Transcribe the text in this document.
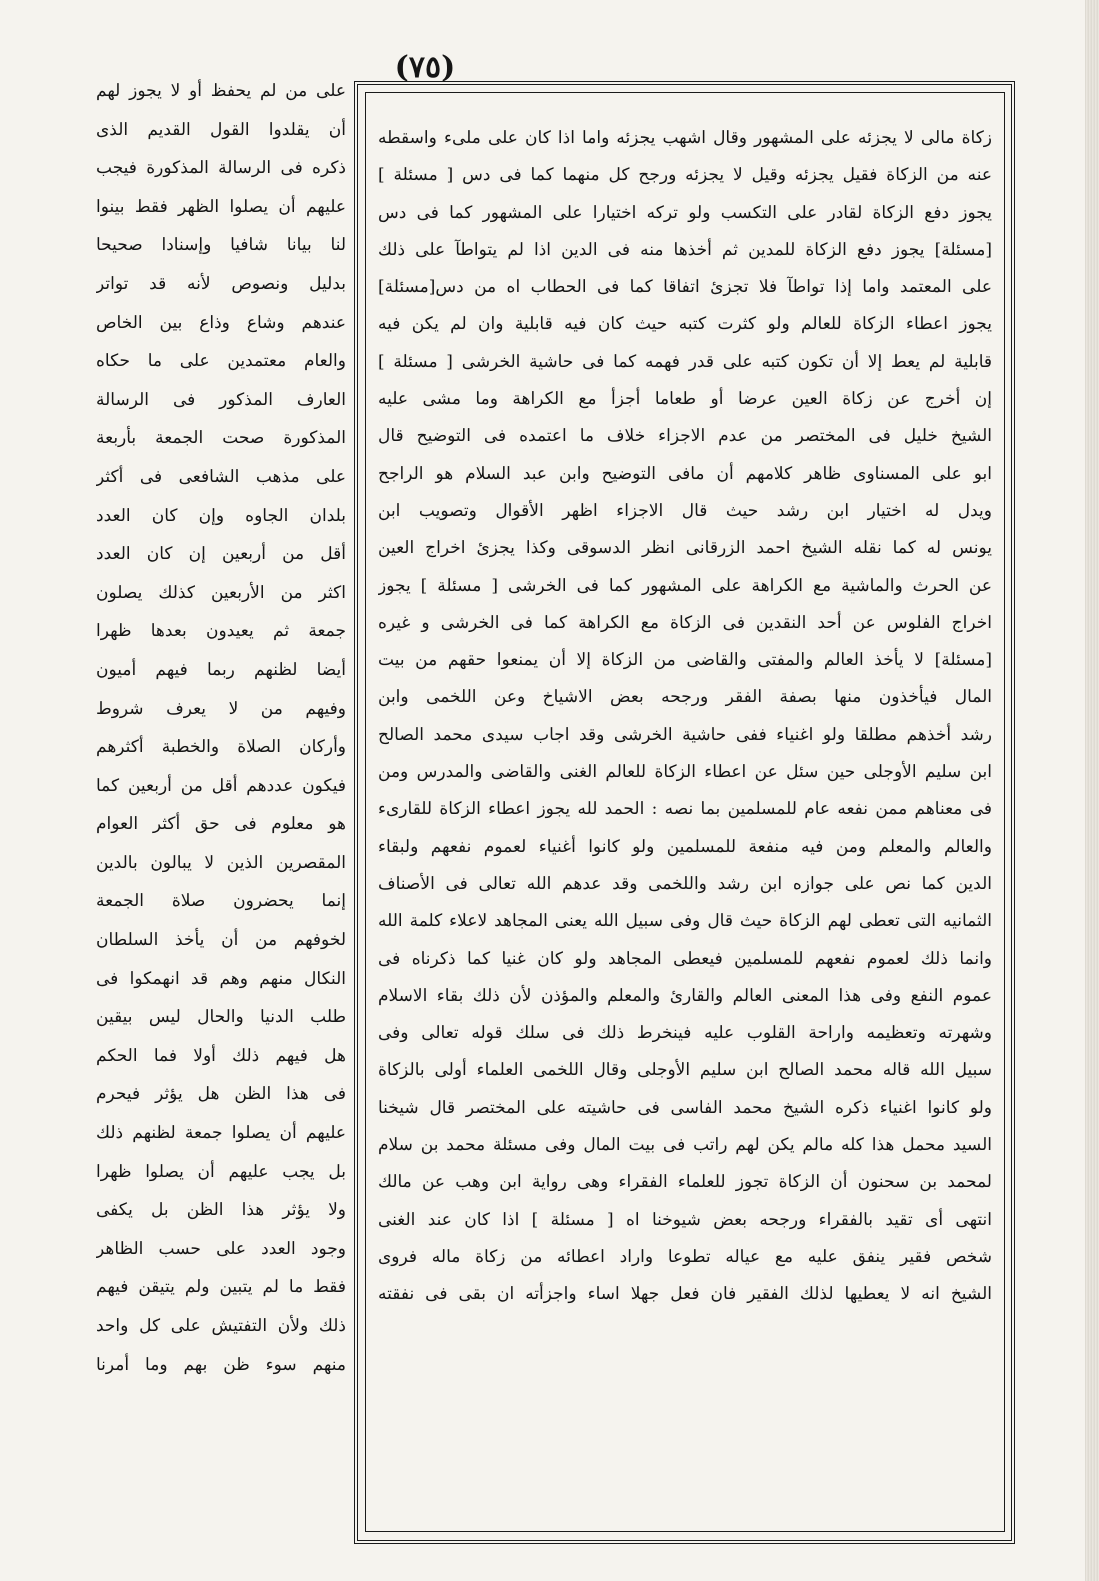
(٧٥)
زكاة مالى لا يجزئه على المشهور وقال اشهب يجزئه واما اذا كان على ملىء واسقطه
عنه من الزكاة فقيل يجزئه وقيل لا يجزئه ورجح كل منهما كما فى دس [ مسئلة ]
يجوز دفع الزكاة لقادر على التكسب ولو تركه اختيارا على المشهور كما فى دس
[مسئلة] يجوز دفع الزكاة للمدين ثم أخذها منه فى الدين اذا لم يتواطآ على ذلك
على المعتمد واما إذا تواطآ فلا تجزئ اتفاقا كما فى الحطاب اه من دس[مسئلة]
يجوز اعطاء الزكاة للعالم ولو كثرت كتبه حيث كان فيه قابلية وان لم يكن فيه
قابلية لم يعط إلا أن تكون كتبه على قدر فهمه كما فى حاشية الخرشى [ مسئلة ]
إن أخرج عن زكاة العين عرضا أو طعاما أجزأ مع الكراهة وما مشى عليه
الشيخ خليل فى المختصر من عدم الاجزاء خلاف ما اعتمده فى التوضيح قال
ابو على المسناوى ظاهر كلامهم أن مافى التوضيح وابن عبد السلام هو الراجح
ويدل له اختيار ابن رشد حيث قال الاجزاء اظهر الأقوال وتصويب ابن
يونس له كما نقله الشيخ احمد الزرقانى انظر الدسوقى وكذا يجزئ اخراج العين
عن الحرث والماشية مع الكراهة على المشهور كما فى الخرشى [ مسئلة ] يجوز
اخراج الفلوس عن أحد النقدين فى الزكاة مع الكراهة كما فى الخرشى و غيره
[مسئلة] لا يأخذ العالم والمفتى والقاضى من الزكاة إلا أن يمنعوا حقهم من بيت
المال فيأخذون منها بصفة الفقر ورجحه بعض الاشياخ وعن اللخمى وابن
رشد أخذهم مطلقا ولو اغنياء ففى حاشية الخرشى وقد اجاب سيدى محمد الصالح
ابن سليم الأوجلى حين سئل عن اعطاء الزكاة للعالم الغنى والقاضى والمدرس ومن
فى معناهم ممن نفعه عام للمسلمين بما نصه : الحمد لله يجوز اعطاء الزكاة للقارىء
والعالم والمعلم ومن فيه منفعة للمسلمين ولو كانوا أغنياء لعموم نفعهم ولبقاء
الدين كما نص على جوازه ابن رشد واللخمى وقد عدهم الله تعالى فى الأصناف
الثمانيه التى تعطى لهم الزكاة حيث قال وفى سبيل الله يعنى المجاهد لاعلاء كلمة الله
وانما ذلك لعموم نفعهم للمسلمين فيعطى المجاهد ولو كان غنيا كما ذكرناه فى
عموم النفع وفى هذا المعنى العالم والقارئ والمعلم والمؤذن لأن ذلك بقاء الاسلام
وشهرته وتعظيمه واراحة القلوب عليه فينخرط ذلك فى سلك قوله تعالى وفى
سبيل الله قاله محمد الصالح ابن سليم الأوجلى وقال اللخمى العلماء أولى بالزكاة
ولو كانوا اغنياء ذكره الشيخ محمد الفاسى فى حاشيته على المختصر قال شيخنا
السيد محمل هذا كله مالم يكن لهم راتب فى بيت المال وفى مسئلة محمد بن سلام
لمحمد بن سحنون أن الزكاة تجوز للعلماء الفقراء وهى رواية ابن وهب عن مالك
انتهى أى تقيد بالفقراء ورجحه بعض شيوخنا اه [ مسئلة ] اذا كان عند الغنى
شخص فقير ينفق عليه مع عياله تطوعا واراد اعطائه من زكاة ماله فروى
الشيخ انه لا يعطيها لذلك الفقير فان فعل جهلا اساء واجزأته ان بقى فى نفقته
على من لم يحفظ أو لا يجوز لهم
أن يقلدوا القول القديم الذى
ذكره فى الرسالة المذكورة فيجب
عليهم أن يصلوا الظهر فقط بينوا
لنا بيانا شافيا وإسنادا صحيحا
بدليل ونصوص لأنه قد تواتر
عندهم وشاع وذاع بين الخاص
والعام معتمدين على ما حكاه
العارف المذكور فى الرسالة
المذكورة صحت الجمعة بأربعة
على مذهب الشافعى فى أكثر
بلدان الجاوه وإن كان العدد
أقل من أربعين إن كان العدد
اكثر من الأربعين كذلك يصلون
جمعة ثم يعيدون بعدها ظهرا
أيضا لظنهم ربما فيهم أميون
وفيهم من لا يعرف شروط
وأركان الصلاة والخطبة أكثرهم
فيكون عددهم أقل من أربعين كما
هو معلوم فى حق أكثر العوام
المقصرين الذين لا يبالون بالدين
إنما يحضرون صلاة الجمعة
لخوفهم من أن يأخذ السلطان
النكال منهم وهم قد انهمكوا فى
طلب الدنيا والحال ليس بيقين
هل فيهم ذلك أولا فما الحكم
فى هذا الظن هل يؤثر فيحرم
عليهم أن يصلوا جمعة لظنهم ذلك
بل يجب عليهم أن يصلوا ظهرا
ولا يؤثر هذا الظن بل يكفى
وجود العدد على حسب الظاهر
فقط ما لم يتبين ولم يتيقن فيهم
ذلك ولأن التفتيش على كل واحد
منهم سوء ظن بهم وما أمرنا
